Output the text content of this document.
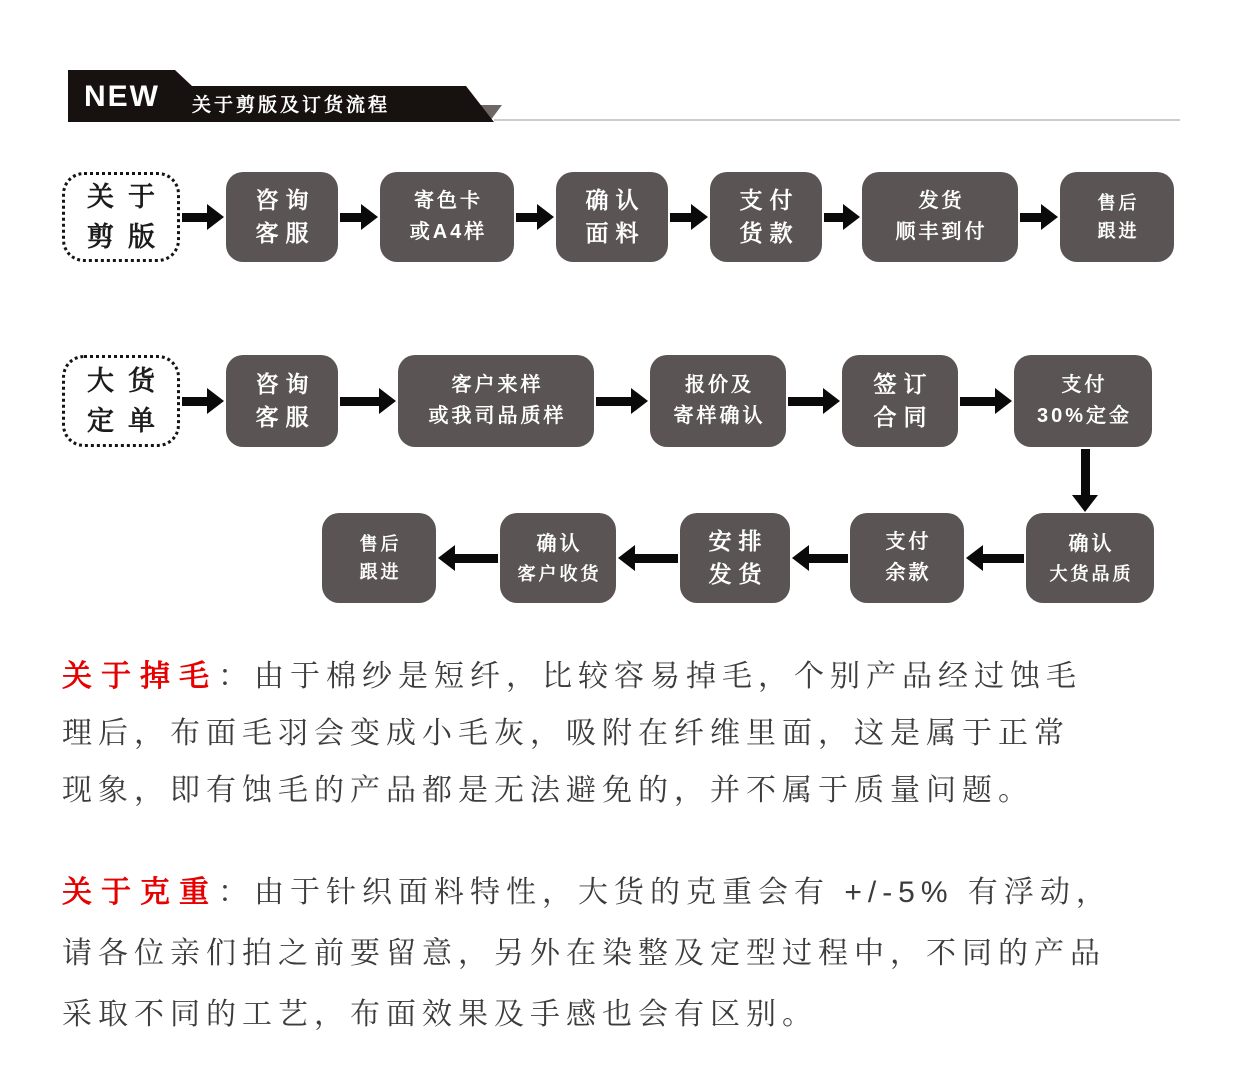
NEW 关于剪版及订货流程
关于
剪版
咨询
客服
寄色卡
或A4样
确认
面料
支付
货款
发货
顺丰到付
售后
跟进
大货
定单
咨询
客服
客户来样
或我司品质样
报价及
寄样确认
签订
合同
支付
30%定金
售后
跟进
确认
客户收货
安排
发货
支付
余款
确认
大货品质
关于掉毛：由于棉纱是短纤，比较容易掉毛，个别产品经过蚀毛
理后，布面毛羽会变成小毛灰，吸附在纤维里面，这是属于正常
现象，即有蚀毛的产品都是无法避免的，并不属于质量问题。
关于克重：由于针织面料特性，大货的克重会有 +/-5% 有浮动，
请各位亲们拍之前要留意，另外在染整及定型过程中，不同的产品
采取不同的工艺，布面效果及手感也会有区别。
